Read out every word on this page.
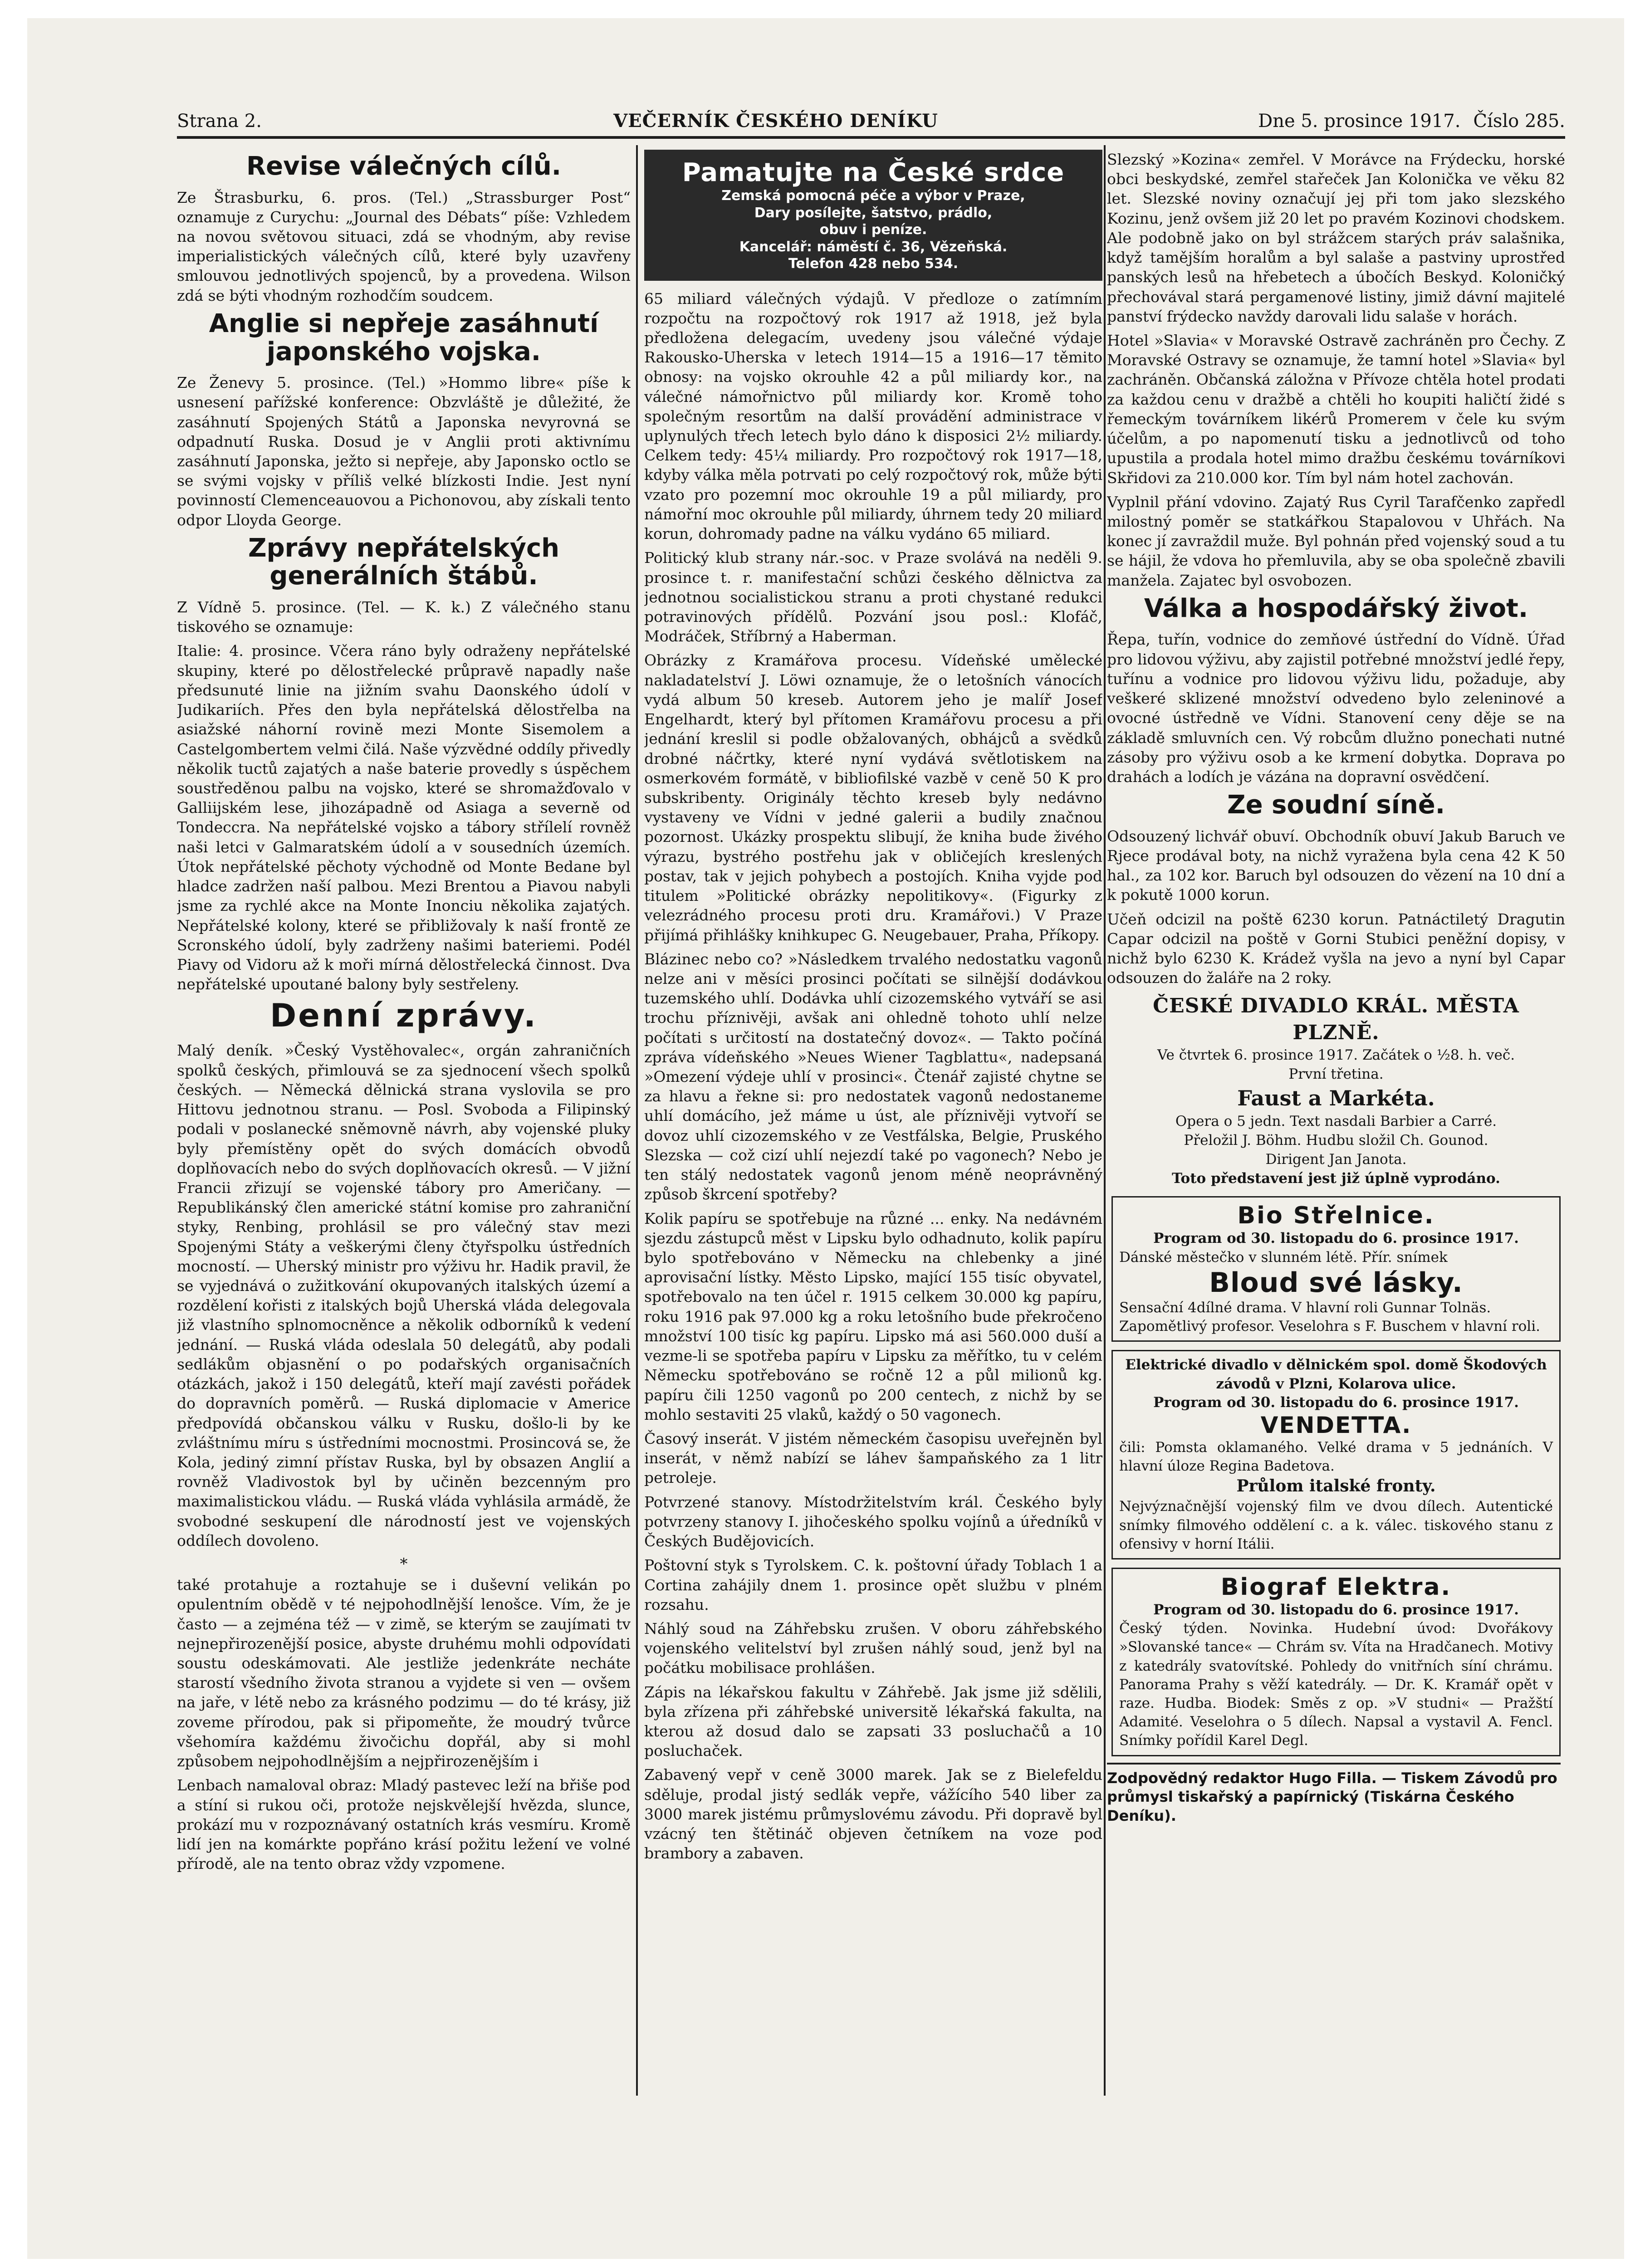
Strana 2.	VEČERNÍK ČESKÉHO DENÍKU	Dne 5. prosince 1917. Číslo 285.
Revise válečných cílů.
Ze Štrasburku, 6. pros. (Tel.) „Strassburger Post“ oznamuje z Curychu: „Journal des Débats“ píše: Vzhledem na novou světovou situaci, zdá se vhodným, aby revise imperialistických válečných cílů, které byly uzavřeny smlouvou jednotlivých spojenců, by a provedena. Wilson zdá se býti vhodným rozhodčím soudcem.
Anglie si nepřeje zasáhnutí japonského vojska.
Ze Ženevy 5. prosince. (Tel.) »Hommo libre« píše k usnesení pařížské konference: Obzvláště je důležité, že zasáhnutí Spojených Států a Japonska nevyrovná se odpadnutí Ruska. Dosud je v Anglii proti aktivnímu zasáhnutí Japonska, ježto si nepřeje, aby Japonsko octlo se se svými vojsky v příliš velké blízkosti Indie. Jest nyní povinností Clemenceauovou a Pichonovou, aby získali tento odpor Lloyda George.
Zprávy nepřátelských generálních štábů.
Z Vídně 5. prosince. (Tel. — K. k.) Z válečného stanu tiskového se oznamuje:
Italie: 4. prosince. Včera ráno byly odraženy nepřátelské skupiny, které po dělostřelecké průpravě napadly naše předsunuté linie na jižním svahu Daonského údolí v Judikariích. Přes den byla nepřátelská dělostřelba na asiažské náhorní rovině mezi Monte Sisemolem a Castelgombertem velmi čilá. Naše výzvědné oddíly přivedly několik tuctů zajatých a naše baterie provedly s úspěchem soustředěnou palbu na vojsko, které se shromažďovalo v Galliijském lese, jihozápadně od Asiaga a severně od Tondeccra. Na nepřátelské vojsko a tábory střílelí rovněž naši letci v Galmaratském údolí a v sousedních územích. Útok nepřátelské pěchoty východně od Monte Bedane byl hladce zadržen naší palbou. Mezi Brentou a Piavou nabyli jsme za rychlé akce na Monte Inonciu několika zajatých. Nepřátelské kolony, které se přibližovaly k naší frontě ze Scronského údolí, byly zadrženy našimi bateriemi. Podél Piavy od Vidoru až k moři mírná dělostřelecká činnost. Dva nepřátelské upoutané balony byly sestřeleny.
Denní zprávy.
Malý deník. »Český Vystěhovalec«, orgán zahraničních spolků českých, přimlouvá se za sjednocení všech spolků českých. — Německá dělnická strana vyslovila se pro Hittovu jednotnou stranu. — Posl. Svoboda a Filipinský podali v poslanecké sněmovně návrh, aby vojenské pluky byly přemístěny opět do svých domácích obvodů doplňovacích nebo do svých doplňovacích okresů. — V jižní Francii zřizují se vojenské tábory pro Američany. — Republikánský člen americké státní komise pro zahraniční styky, Renbing, prohlásil se pro válečný stav mezi Spojenými Státy a veškerými členy čtyřspolku ústředních mocností. — Uherský ministr pro výživu hr. Hadik pravil, že se vyjednává o zužitkování okupovaných italských území a rozdělení kořisti z italských bojů Uherská vláda delegovala již vlastního splnomocněnce a několik odborníků k vedení jednání. — Ruská vláda odeslala 50 delegátů, aby podali sedlákům objasnění o po podařských organisačních otázkách, jakož i 150 delegátů, kteří mají zavésti pořádek do dopravních poměrů. — Ruská diplomacie v Americe předpovídá občanskou válku v Rusku, došlo-li by ke zvláštnímu míru s ústředními mocnostmi. Prosincová se, že Kola, jediný zimní přístav Ruska, byl by obsazen Anglií a rovněž Vladivostok byl by učiněn bezcenným pro maximalistickou vládu. — Ruská vláda vyhlásila armádě, že svobodné seskupení dle národností jest ve vojenských oddílech dovoleno.
*
také protahuje a roztahuje se i duševní velikán po opulentním obědě v té nejpohodlnější lenošce. Vím, že je často — a zejména též — v zimě, se kterým se zaujímati tv nejnepřirozenější posice, abyste druhému mohli odpovídati soustu odeskámovati. Ale jestliže jedenkráte necháte starostí všedního života stranou a vyjdete si ven — ovšem na jaře, v létě nebo za krásného podzimu — do té krásy, již zoveme přírodou, pak si připomeňte, že moudrý tvůrce všehomíra každému živočichu dopřál, aby si mohl způsobem nejpohodlnějším a nejpřirozenějším i
Lenbach namaloval obraz: Mladý pastevec leží na břiše pod a stíní si rukou oči, protože nejskvělejší hvězda, slunce, prokází mu v rozpoznávaný ostatních krás vesmíru. Kromě lidí jen na komárkte popřáno krásí požitu ležení ve volné přírodě, ale na tento obraz vždy vzpomene.
Pamatujte na České srdce
Zemská pomocná péče a výbor v Praze,
Dary posílejte, šatstvo, prádlo,
obuv i peníze.
Kancelář: náměstí č. 36, Vězeňská.
Telefon 428 nebo 534.
65 miliard válečných výdajů. V předloze o zatímním rozpočtu na rozpočtový rok 1917 až 1918, jež byla předložena delegacím, uvedeny jsou válečné výdaje Rakousko-Uherska v letech 1914—15 a 1916—17 těmito obnosy: na vojsko okrouhle 42 a půl miliardy kor., na válečné námořnictvo půl miliardy kor. Kromě toho společným resortům na další provádění administrace v uplynulých třech letech bylo dáno k disposici 2½ miliardy. Celkem tedy: 45¼ miliardy. Pro rozpočtový rok 1917—18, kdyby válka měla potrvati po celý rozpočtový rok, může býti vzato pro pozemní moc okrouhle 19 a půl miliardy, pro námořní moc okrouhle půl miliardy, úhrnem tedy 20 miliard korun, dohromady padne na válku vydáno 65 miliard.
Politický klub strany nár.-soc. v Praze svolává na neděli 9. prosince t. r. manifestační schůzi českého dělnictva za jednotnou socialistickou stranu a proti chystané redukci potravinových přídělů. Pozvání jsou posl.: Klofáč, Modráček, Stříbrný a Haberman.
Obrázky z Kramářova procesu. Vídeňské umělecké nakladatelství J. Löwi oznamuje, že o letošních vánocích vydá album 50 kreseb. Autorem jeho je malíř Josef Engelhardt, který byl přítomen Kramářovu procesu a při jednání kreslil si podle obžalovaných, obhájců a svědků drobné náčrtky, které nyní vydává světlotiskem na osmerkovém formátě, v bibliofilské vazbě v ceně 50 K pro subskribenty. Originály těchto kreseb byly nedávno vystaveny ve Vídni v jedné galerii a budily značnou pozornost. Ukázky prospektu slibují, že kniha bude živého výrazu, bystrého postřehu jak v obličejích kreslených postav, tak v jejich pohybech a postojích. Kniha vyjde pod titulem »Politické obrázky nepolitikovy«. (Figurky z velezrádného procesu proti dru. Kramářovi.) V Praze přijímá přihlášky knihkupec G. Neugebauer, Praha, Příkopy.
Blázinec nebo co? »Následkem trvalého nedostatku vagonů nelze ani v měsíci prosinci počítati se silnější dodávkou tuzemského uhlí. Dodávka uhlí cizozemského vytváří se asi trochu příznivěji, avšak ani ohledně tohoto uhlí nelze počítati s určitostí na dostatečný dovoz«. — Takto počíná zpráva vídeňského »Neues Wiener Tagblattu«, nadepsaná »Omezení výdeje uhlí v prosinci«. Čtenář zajisté chytne se za hlavu a řekne si: pro nedostatek vagonů nedostaneme uhlí domácího, jež máme u úst, ale příznivěji vytvoří se dovoz uhlí cizozemského v ze Vestfálska, Belgie, Pruského Slezska — což cizí uhlí nejezdí také po vagonech? Nebo je ten stálý nedostatek vagonů jenom méně neoprávněný způsob škrcení spotřeby?
Kolik papíru se spotřebuje na různé ... enky. Na nedávném sjezdu zástupců měst v Lipsku bylo odhadnuto, kolik papíru bylo spotřebováno v Německu na chlebenky a jiné aprovisační lístky. Město Lipsko, mající 155 tisíc obyvatel, spotřebovalo na ten účel r. 1915 celkem 30.000 kg papíru, roku 1916 pak 97.000 kg a roku letošního bude překročeno množství 100 tisíc kg papíru. Lipsko má asi 560.000 duší a vezme-li se spotřeba papíru v Lipsku za měřítko, tu v celém Německu spotřebováno se ročně 12 a půl milionů kg. papíru čili 1250 vagonů po 200 centech, z nichž by se mohlo sestaviti 25 vlaků, každý o 50 vagonech.
Časový inserát. V jistém německém časopisu uveřejněn byl inserát, v němž nabízí se láhev šampaňského za 1 litr petroleje.
Potvrzené stanovy. Místodržitelstvím král. Českého byly potvrzeny stanovy I. jihočeského spolku vojínů a úředníků v Českých Budějovicích.
Poštovní styk s Tyrolskem. C. k. poštovní úřady Toblach 1 a Cortina zahájily dnem 1. prosince opět službu v plném rozsahu.
Náhlý soud na Záhřebsku zrušen. V oboru záhřebského vojenského velitelství byl zrušen náhlý soud, jenž byl na počátku mobilisace prohlášen.
Zápis na lékařskou fakultu v Záhřebě. Jak jsme již sdělili, byla zřízena při záhřebské universitě lékařská fakulta, na kterou až dosud dalo se zapsati 33 posluchačů a 10 posluchaček.
Zabavený vepř v ceně 3000 marek. Jak se z Bielefeldu sděluje, prodal jistý sedlák vepře, vážícího 540 liber za 3000 marek jistému průmyslovému závodu. Při dopravě byl vzácný ten štětináč objeven četníkem na voze pod brambory a zabaven.
Slezský »Kozina« zemřel. V Morávce na Frýdecku, horské obci beskydské, zemřel stařeček Jan Kolonička ve věku 82 let. Slezské noviny označují jej při tom jako slezského Kozinu, jenž ovšem již 20 let po pravém Kozinovi chodskem. Ale podobně jako on byl strážcem starých práv salašnika, když tamějším horalům a byl salaše a pastviny uprostřed panských lesů na hřebetech a úbočích Beskyd. Koloničký přechovával stará pergamenové listiny, jimiž dávní majitelé panství frýdecko navždy darovali lidu salaše v horách.
Hotel »Slavia« v Moravské Ostravě zachráněn pro Čechy. Z Moravské Ostravy se oznamuje, že tamní hotel »Slavia« byl zachráněn. Občanská záložna v Přívoze chtěla hotel prodati za každou cenu v dražbě a chtěli ho koupiti haličtí židé s řemeckým továrníkem likérů Promerem v čele ku svým účelům, a po napomenutí tisku a jednotlivců od toho upustila a prodala hotel mimo dražbu českému továrníkovi Skřidovi za 210.000 kor. Tím byl nám hotel zachován.
Vyplnil přání vdovino. Zajatý Rus Cyril Tarafčenko zapředl milostný poměr se statkářkou Stapalovou v Uhřách. Na konec jí zavraždil muže. Byl pohnán před vojenský soud a tu se hájil, že vdova ho přemluvila, aby se oba společně zbavili manžela. Zajatec byl osvobozen.
Válka a hospodářský život.
Řepa, tuřín, vodnice do zemňové ústřední do Vídně. Úřad pro lidovou výživu, aby zajistil potřebné množství jedlé řepy, tuřínu a vodnice pro lidovou výživu lidu, požaduje, aby veškeré sklizené množství odvedeno bylo zeleninové a ovocné ústředně ve Vídni. Stanovení ceny děje se na základě smluvních cen. Vý robcům dlužno ponechati nutné zásoby pro výživu osob a ke krmení dobytka. Doprava po drahách a lodích je vázána na dopravní osvědčení.
Ze soudní síně.
Odsouzený lichvář obuví. Obchodník obuví Jakub Baruch ve Rjece prodával boty, na nichž vyražena byla cena 42 K 50 hal., za 102 kor. Baruch byl odsouzen do vězení na 10 dní a k pokutě 1000 korun.
Učeň odcizil na poště 6230 korun. Patnáctiletý Dragutin Capar odcizil na poště v Gorni Stubici peněžní dopisy, v nichž bylo 6230 K. Krádež vyšla na jevo a nyní byl Capar odsouzen do žaláře na 2 roky.
ČESKÉ DIVADLO KRÁL. MĚSTA PLZNĚ.
Ve čtvrtek 6. prosince 1917. Začátek o ½8. h. več.
První třetina.
Faust a Markéta.
Opera o 5 jedn. Text nasdali Barbier a Carré.
Přeložil J. Böhm. Hudbu složil Ch. Gounod.
Dirigent Jan Janota.
Toto představení jest již úplně vyprodáno.
Bio Střelnice.
Program od 30. listopadu do 6. prosince 1917.
Dánské městečko v slunném létě. Přír. snímek
Bloud své lásky.
Sensační 4dílné drama. V hlavní roli Gunnar Tolnäs.
Zapomětlivý profesor. Veselohra s F. Buschem v hlavní roli.
Elektrické divadlo v dělnickém spol. domě Škodových závodů v Plzni, Kolarova ulice.
Program od 30. listopadu do 6. prosince 1917.
VENDETTA.
čili: Pomsta oklamaného. Velké drama v 5 jednáních. V hlavní úloze Regina Badetova.
Průlom italské fronty.
Nejvýznačnější vojenský film ve dvou dílech. Autentické snímky filmového oddělení c. a k. válec. tiskového stanu z ofensivy v horní Itálii.
Biograf Elektra.
Program od 30. listopadu do 6. prosince 1917.
Český týden. Novinka. Hudební úvod: Dvořákovy »Slovanské tance« — Chrám sv. Víta na Hradčanech. Motivy z katedrály svatovítské. Pohledy do vnitřních síní chrámu. Panorama Prahy s věží katedrály. — Dr. K. Kramář opět v raze. Hudba. Biodek: Směs z op. »V studni« — Pražští Adamité. Veselohra o 5 dílech. Napsal a vystavil A. Fencl. Snímky pořídil Karel Degl.
Zodpovědný redaktor Hugo Filla. — Tiskem Závodů pro průmysl tiskařský a papírnický (Tiskárna Českého Deníku).
